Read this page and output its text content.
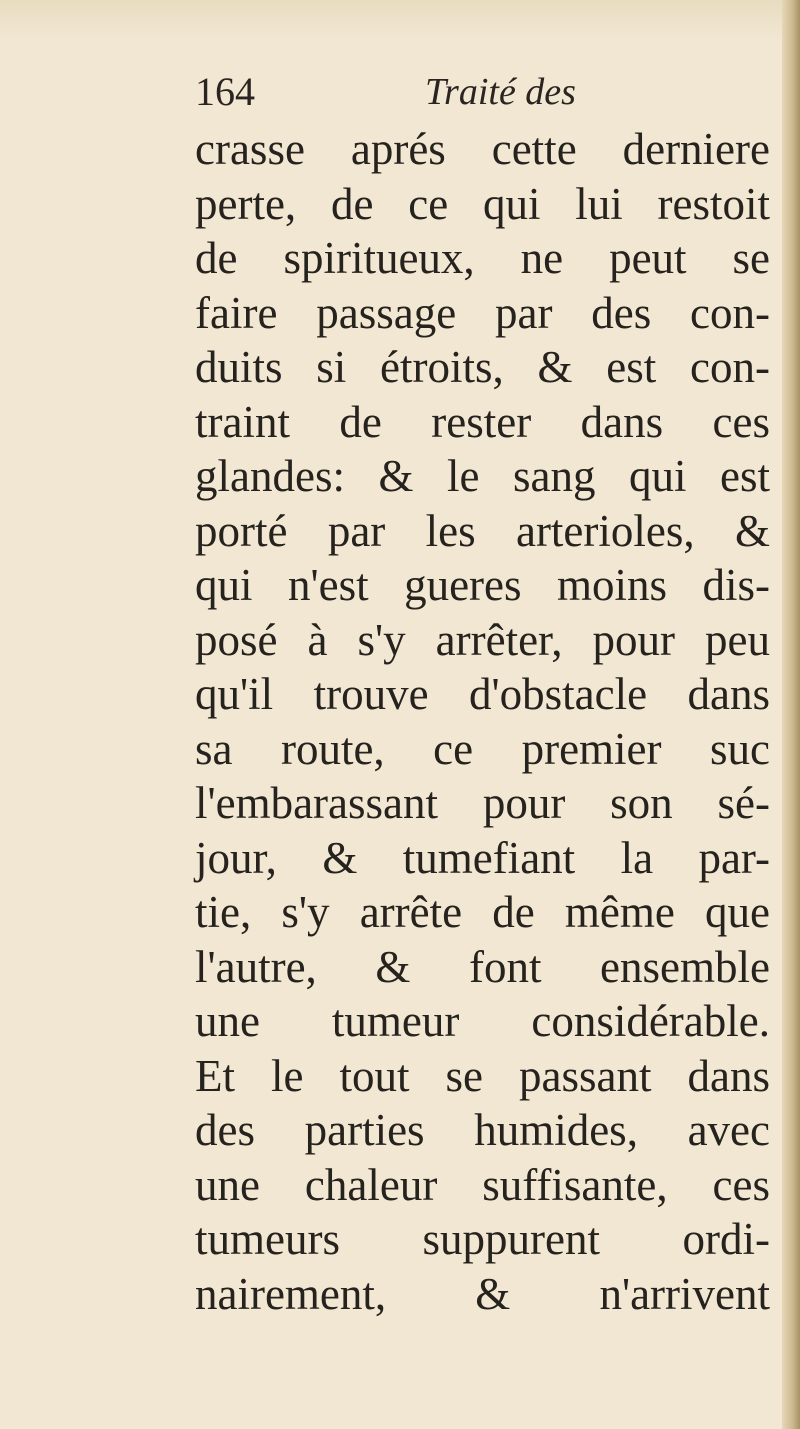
164	Traité des
crasse aprés cette derniere
perte, de ce qui lui restoit
de spiritueux, ne peut se
faire passage par des con-
duits si étroits, & est con-
traint de rester dans ces
glandes: & le sang qui est
porté par les arterioles, &
qui n'est gueres moins dis-
posé à s'y arrêter, pour peu
qu'il trouve d'obstacle dans
sa route, ce premier suc
l'embarassant pour son sé-
jour, & tumefiant la par-
tie, s'y arrête de même que
l'autre, & font ensemble
une tumeur considérable.
Et le tout se passant dans
des parties humides, avec
une chaleur suffisante, ces
tumeurs suppurent ordi-
nairement, & n'arrivent
